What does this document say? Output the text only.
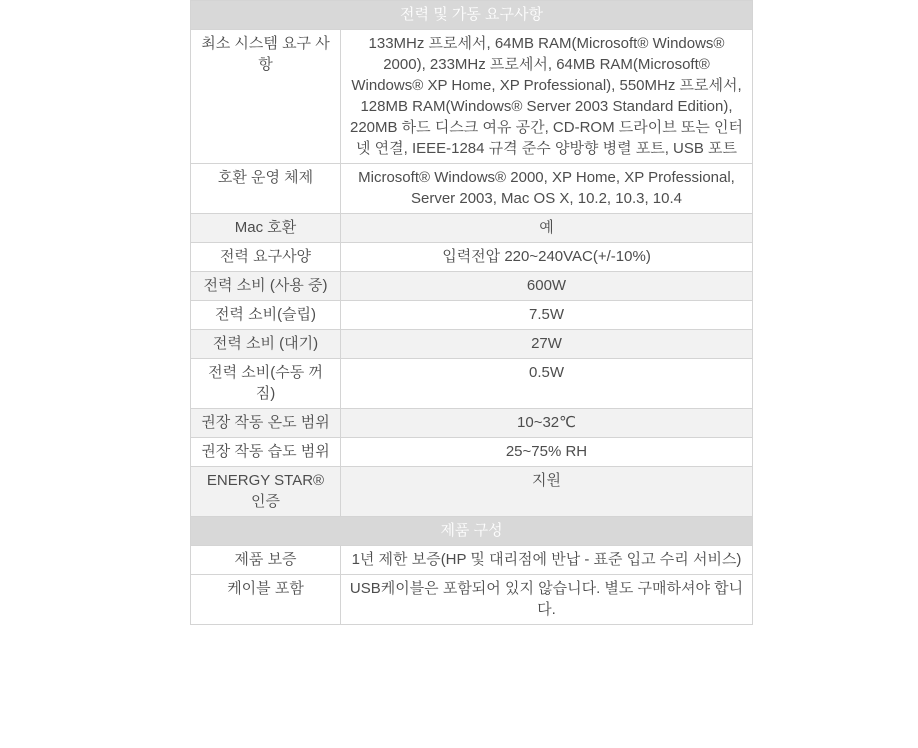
전력 및 가동 요구사항	
최소 시스템 요구 사항	133MHz 프로세서, 64MB RAM(Microsoft® Windows® 2000), 233MHz 프로세서, 64MB RAM(Microsoft® Windows® XP Home, XP Professional), 550MHz 프로세서, 128MB RAM(Windows® Server 2003 Standard Edition), 220MB 하드 디스크 여유 공간, CD-ROM 드라이브 또는 인터넷 연결, IEEE-1284 규격 준수 양방향 병렬 포트, USB 포트
호환 운영 체제	Microsoft® Windows® 2000, XP Home, XP Professional, Server 2003, Mac OS X, 10.2, 10.3, 10.4
Mac 호환	예
전력 요구사양	입력전압 220~240VAC(+/-10%)
전력 소비 (사용 중)	600W
전력 소비(슬립)	7.5W
전력 소비 (대기)	27W
전력 소비(수동 꺼짐)	0.5W
권장 작동 온도 범위	10~32℃
권장 작동 습도 범위	25~75% RH
ENERGY STAR® 인증	지원
제품 구성	
제품 보증	1년 제한 보증(HP 및 대리점에 반납 - 표준 입고 수리 서비스)
케이블 포함	USB케이블은 포함되어 있지 않습니다. 별도 구매하셔야 합니다.
